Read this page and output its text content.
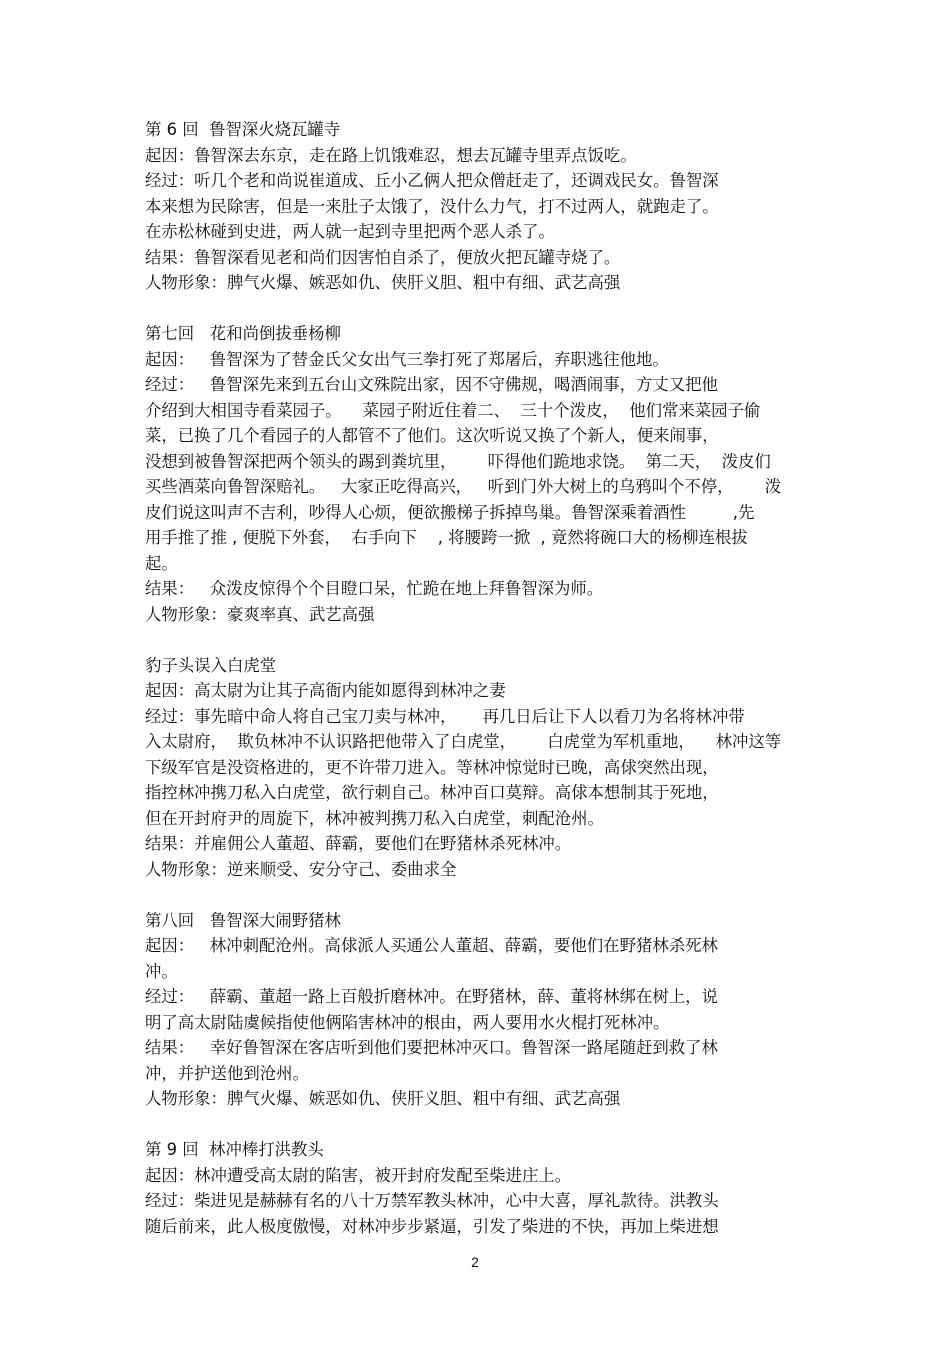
第 6 回  鲁智深火烧瓦罐寺
起因：鲁智深去东京，走在路上饥饿难忍，想去瓦罐寺里弄点饭吃。
经过：听几个老和尚说崔道成、丘小乙俩人把众僧赶走了，还调戏民女。鲁智深
本来想为民除害，但是一来肚子太饿了，没什么力气，打不过两人，就跑走了。
在赤松林碰到史进，两人就一起到寺里把两个恶人杀了。
结果：鲁智深看见老和尚们因害怕自杀了，便放火把瓦罐寺烧了。
人物形象：脾气火爆、嫉恶如仇、侠肝义胆、粗中有细、武艺高强
第七回   花和尚倒拔垂杨柳
起因：   鲁智深为了替金氏父女出气三拳打死了郑屠后，弃职逃往他地。
经过：   鲁智深先来到五台山文殊院出家，因不守佛规，喝酒闹事，方丈又把他
介绍到大相国寺看菜园子。    菜园子附近住着二、  三十个泼皮，  他们常来菜园子偷
菜，已换了几个看园子的人都管不了他们。这次听说又换了个新人，便来闹事，
没想到被鲁智深把两个领头的踢到粪坑里，      吓得他们跪地求饶。  第二天，  泼皮们
买些酒菜向鲁智深赔礼。   大家正吃得高兴，   听到门外大树上的乌鸦叫个不停，      泼
皮们说这叫声不吉利，吵得人心烦，便欲搬梯子拆掉鸟巢。鲁智深乘着酒性         ,先
用手推了推 , 便脱下外套，  右手向下    , 将腰跨一掀  , 竟然将碗口大的杨柳连根拔
起。
结果：   众泼皮惊得个个目瞪口呆，忙跪在地上拜鲁智深为师。
人物形象：豪爽率真、武艺高强
豹子头误入白虎堂
起因：高太尉为让其子高衙内能如愿得到林冲之妻
经过：事先暗中命人将自己宝刀卖与林冲，     再几日后让下人以看刀为名将林冲带
入太尉府，  欺负林冲不认识路把他带入了白虎堂，      白虎堂为军机重地，    林冲这等
下级军官是没资格进的，更不许带刀进入。等林冲惊觉时已晚，高俅突然出现，
指控林冲携刀私入白虎堂，欲行刺自己。林冲百口莫辩。高俅本想制其于死地，
但在开封府尹的周旋下，林冲被判携刀私入白虎堂，刺配沧州。
结果：并雇佣公人董超、薛霸，要他们在野猪林杀死林冲。
人物形象：逆来顺受、安分守己、委曲求全
第八回   鲁智深大闹野猪林
起因：   林冲刺配沧州。高俅派人买通公人董超、薛霸，要他们在野猪林杀死林
冲。
经过：   薛霸、董超一路上百般折磨林冲。在野猪林，薛、董将林绑在树上，说
明了高太尉陆虞候指使他俩陷害林冲的根由，两人要用水火棍打死林冲。
结果：   幸好鲁智深在客店听到他们要把林冲灭口。鲁智深一路尾随赶到救了林
冲，并护送他到沧州。
人物形象：脾气火爆、嫉恶如仇、侠肝义胆、粗中有细、武艺高强
第 9 回  林冲棒打洪教头
起因：林冲遭受高太尉的陷害，被开封府发配至柴进庄上。
经过：柴进见是赫赫有名的八十万禁军教头林冲，心中大喜，厚礼款待。洪教头
随后前来，此人极度傲慢，对林冲步步紧逼，引发了柴进的不快，再加上柴进想
2
